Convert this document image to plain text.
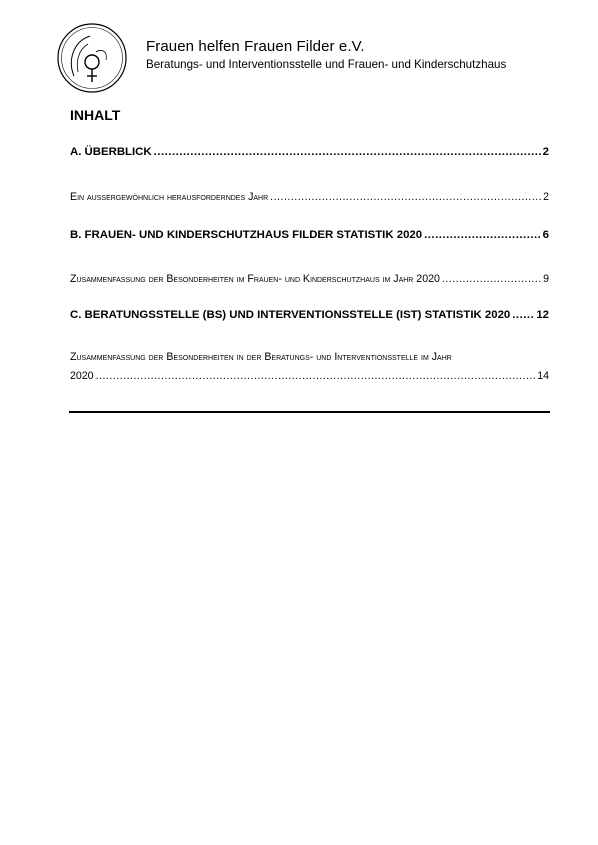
Frauen helfen Frauen Filder e.V.
Beratungs- und Interventionsstelle und Frauen- und Kinderschutzhaus
INHALT
A. ÜBERBLICK .....	2
Ein außergewöhnlich herausforderndes Jahr .....	2
B. FRAUEN- UND KINDERSCHUTZHAUS FILDER STATISTIK 2020 .....	6
Zusammenfassung der Besonderheiten im Frauen- und Kinderschutzhaus im Jahr 2020 .....	9
C. BERATUNGSSTELLE (BS) UND INTERVENTIONSSTELLE (IST) STATISTIK 2020 ..... 12
Zusammenfassung der Besonderheiten in der Beratungs- und Interventionsstelle im Jahr
2020 .....	14
